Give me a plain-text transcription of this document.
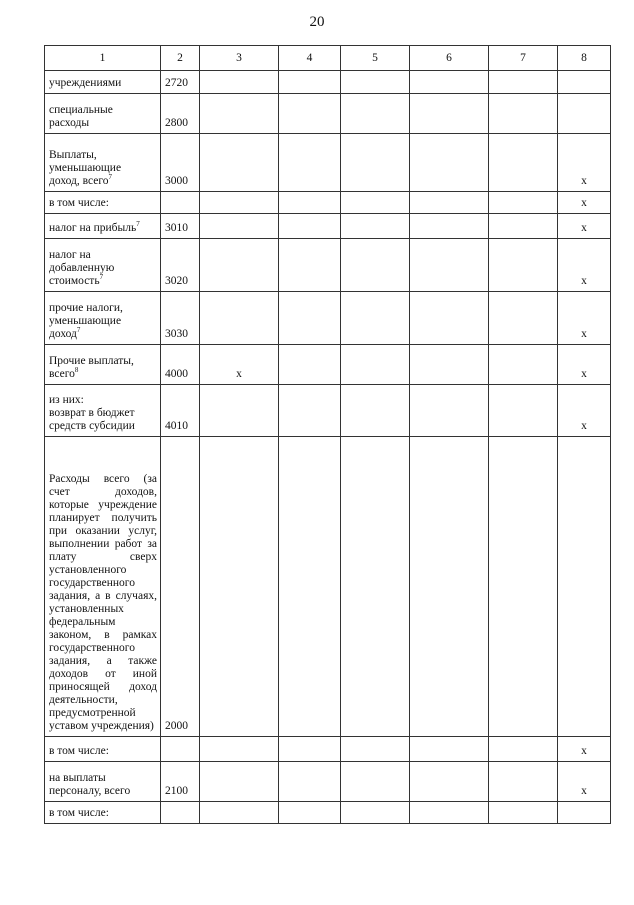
20
1	2	3	4	5	6	7	8
учреждениями	2720						
специальные
расходы	2800						
Выплаты,
уменьшающие
доход, всего$^7$	3000						x
в том числе:							x
налог на прибыль$^7$	3010						x
налог на
добавленную
стоимость$^7$	3020						x
прочие налоги,
уменьшающие
доход$^7$	3030						x
Прочие выплаты,
всего$^8$	4000	x					x
из них:
возврат в бюджет
средств субсидии	4010						x
Расходы всего (за счет доходов, которые учреждение планирует получить при оказании услуг, выполнении работ за плату сверх установленного государственного задания, а в случаях, установленных федеральным законом, в рамках государственного задания, а также доходов от иной приносящей доход деятельности, предусмотренной уставом учреждения)	2000						
в том числе:							x
на выплаты
персоналу, всего	2100						x
в том числе:							
